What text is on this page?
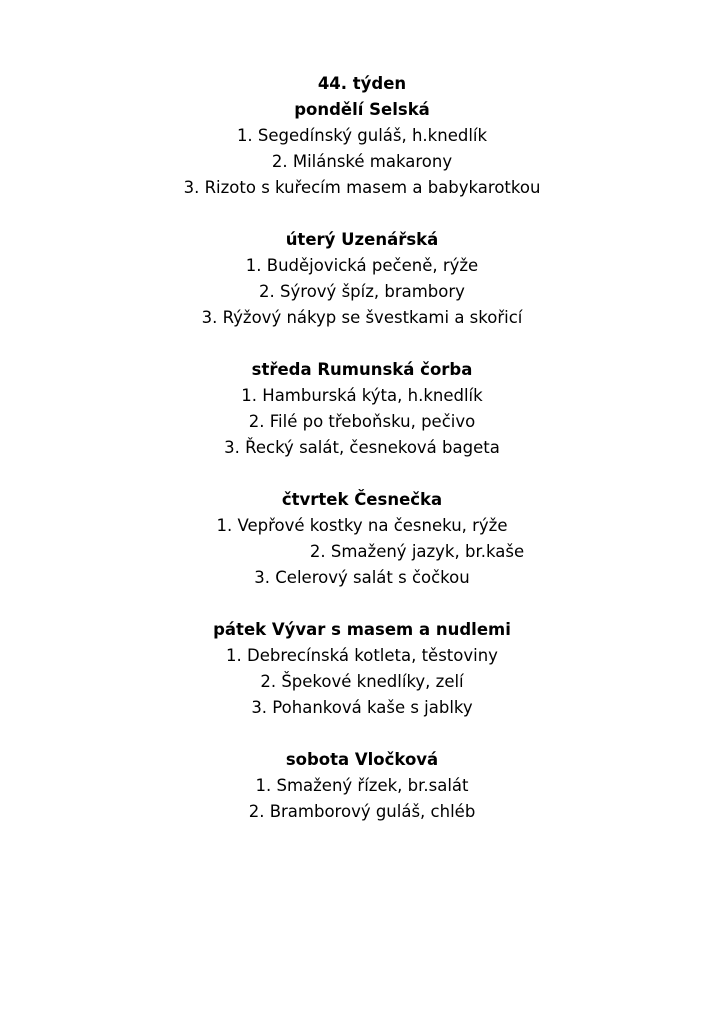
44. týden
pondělí Selská
1. Segedínský guláš, h.knedlík
2. Milánské makarony
3. Rizoto s kuřecím masem a babykarotkou
úterý Uzenářská
1. Budějovická pečeně, rýže
2. Sýrový špíz, brambory
3. Rýžový nákyp se švestkami a skořicí
středa Rumunská čorba
1. Hamburská kýta, h.knedlík
2. Filé po třeboňsku, pečivo
3. Řecký salát, česneková bageta
čtvrtek Česnečka
1. Vepřové kostky na česneku, rýže
2. Smažený jazyk, br.kaše
3. Celerový salát s čočkou
pátek Vývar s masem a nudlemi
1. Debrecínská kotleta, těstoviny
2. Špekové knedlíky, zelí
3. Pohanková kaše s jablky
sobota Vločková
1. Smažený řízek, br.salát
2. Bramborový guláš, chléb
